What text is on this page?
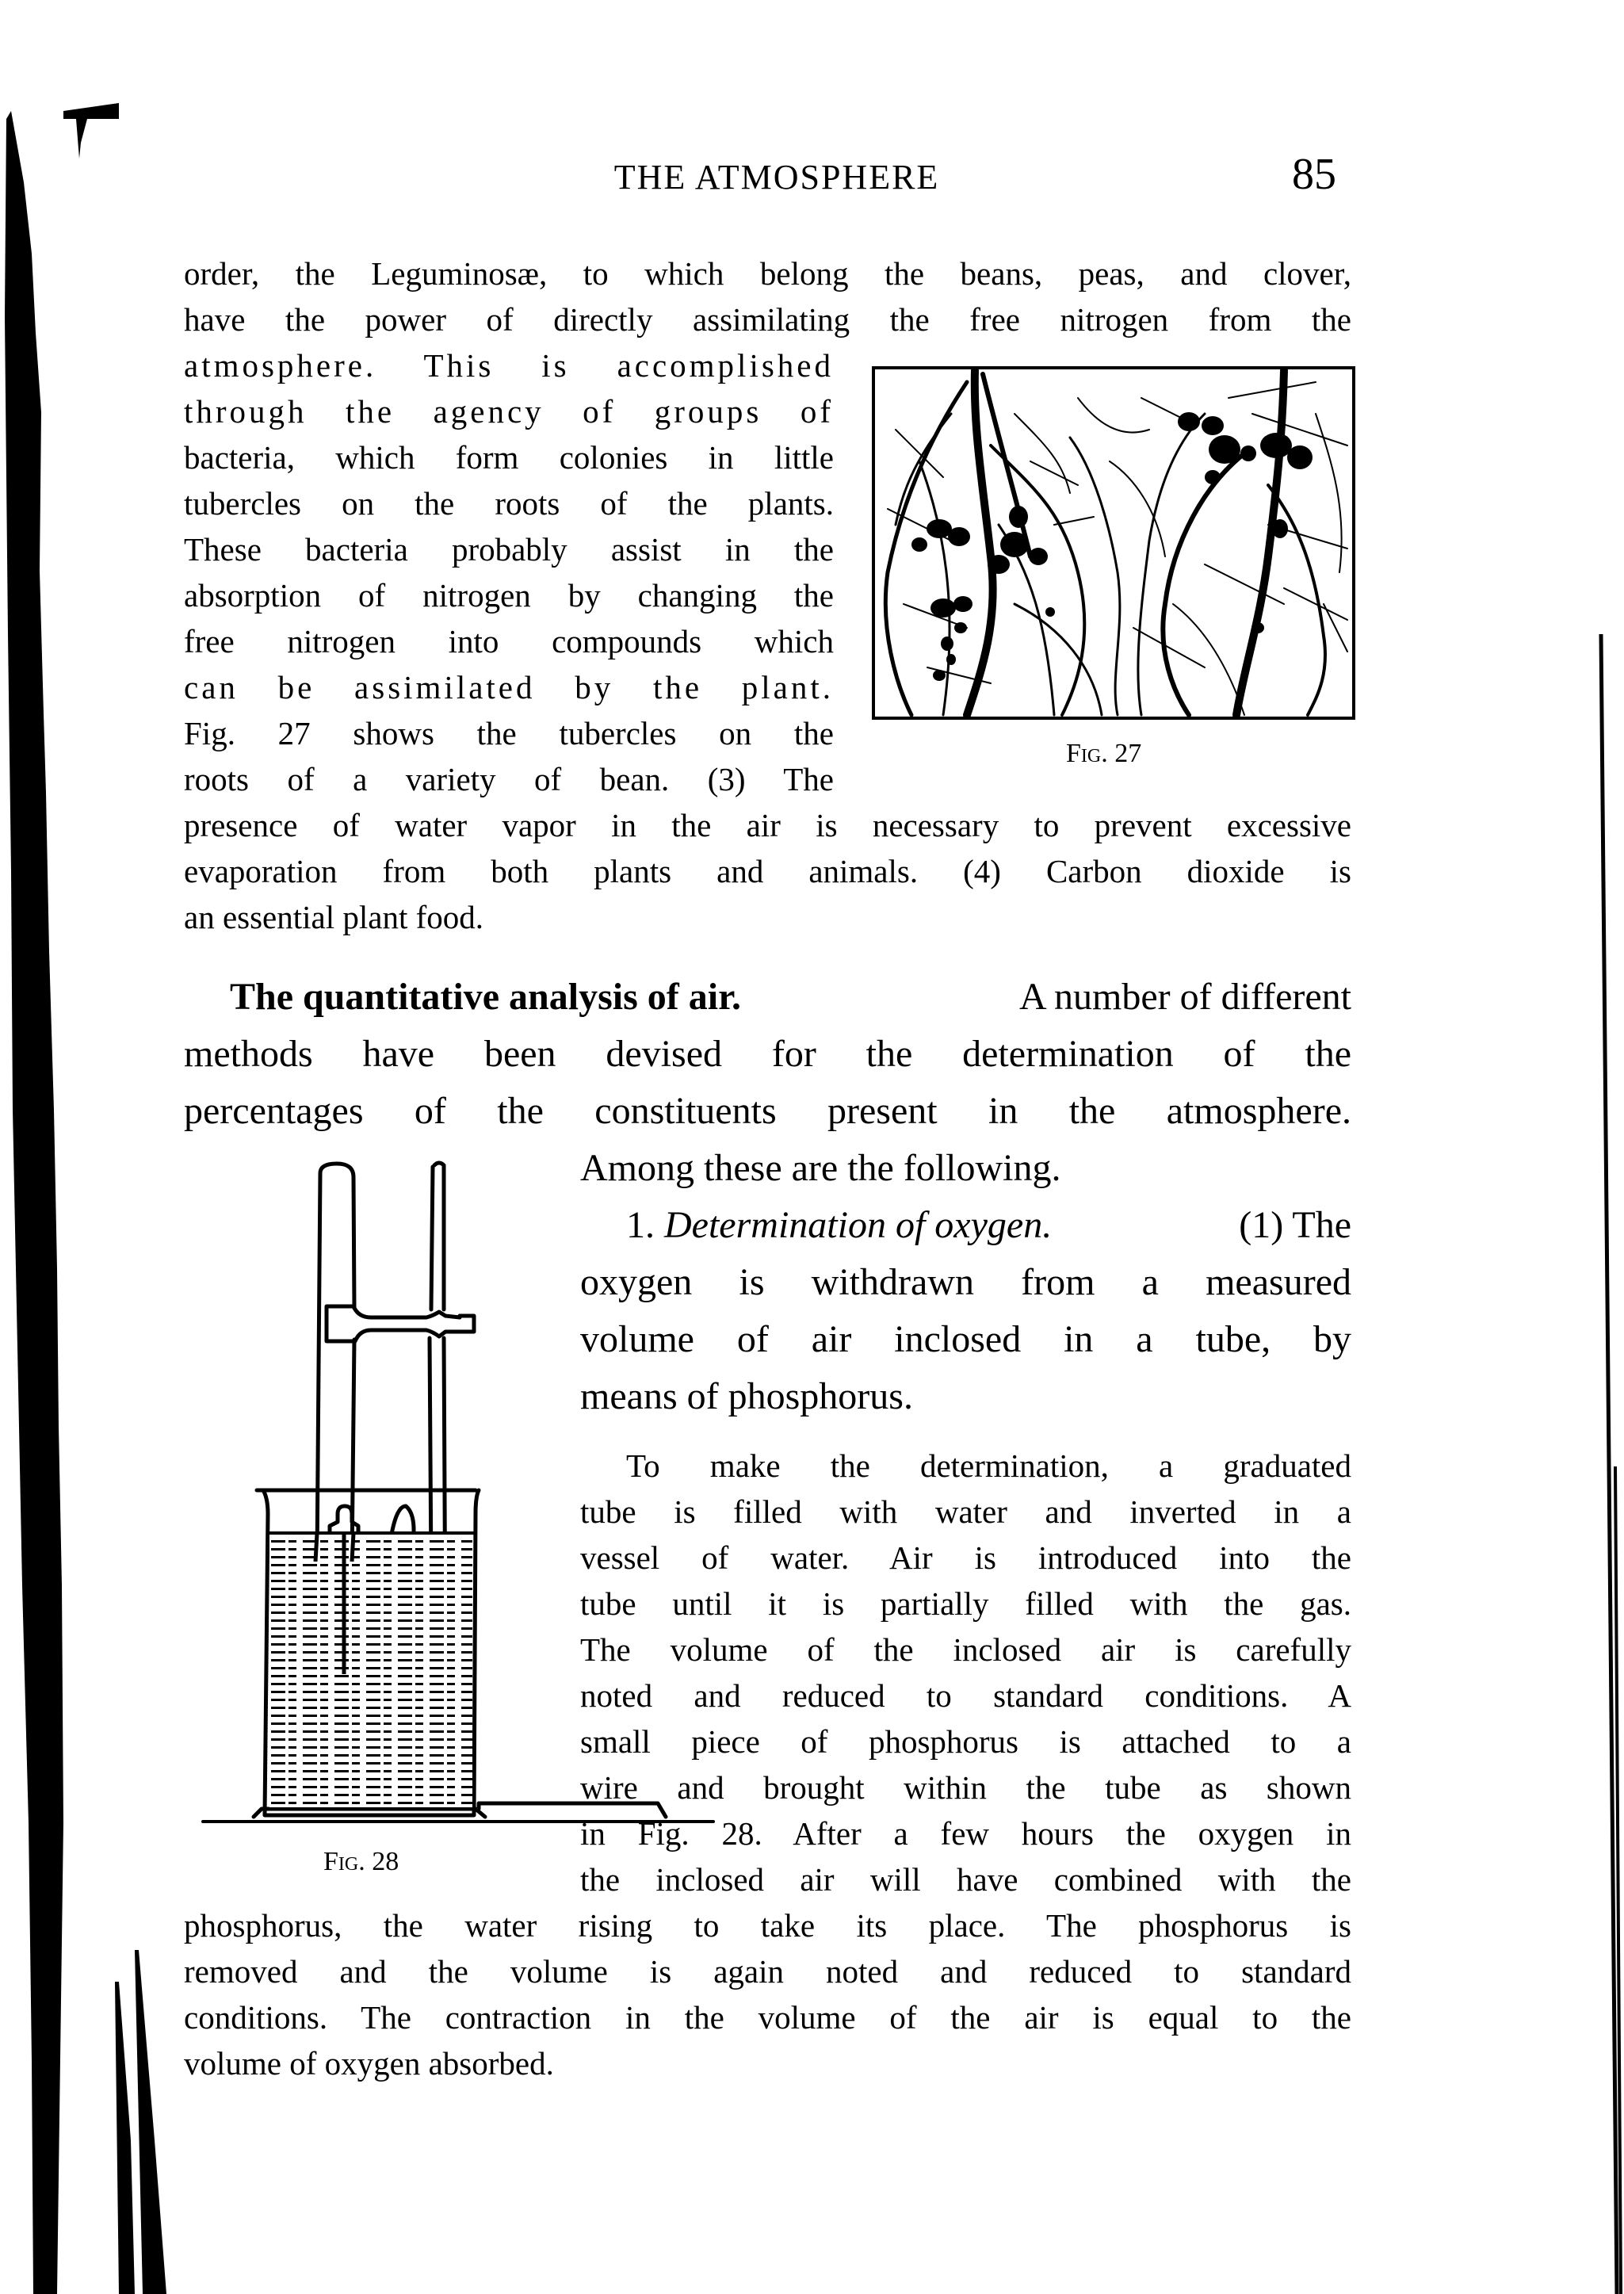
THE ATMOSPHERE	85
order, the Leguminosæ, to which belong the beans, peas, and clover,
have the power of directly assimilating the free nitrogen from the
atmosphere. This is accomplished
through the agency of groups of
bacteria, which form colonies in little
tubercles on the roots of the plants.
These bacteria probably assist in the
absorption of nitrogen by changing the
free nitrogen into compounds which
can be assimilated by the plant.
Fig. 27 shows the tubercles on the
roots of a variety of bean. (3) The
Fig. 27
presence of water vapor in the air is necessary to prevent excessive
evaporation from both plants and animals. (4) Carbon dioxide is
an essential plant food.
The quantitative analysis of air.	A number of different
methods have been devised for the determination of the
percentages of the constituents present in the atmosphere.
Among these are the following.
1. Determination of oxygen.	(1) The
oxygen is withdrawn from a measured
volume of air inclosed in a tube, by
means of phosphorus.
To make the determination, a graduated
tube is filled with water and inverted in a
vessel of water. Air is introduced into the
tube until it is partially filled with the gas.
The volume of the inclosed air is carefully
noted and reduced to standard conditions. A
small piece of phosphorus is attached to a
wire and brought within the tube as shown
in Fig. 28. After a few hours the oxygen in
the inclosed air will have combined with the
Fig. 28
phosphorus, the water rising to take its place. The phosphorus is
removed and the volume is again noted and reduced to standard
conditions. The contraction in the volume of the air is equal to the
volume of oxygen absorbed.
